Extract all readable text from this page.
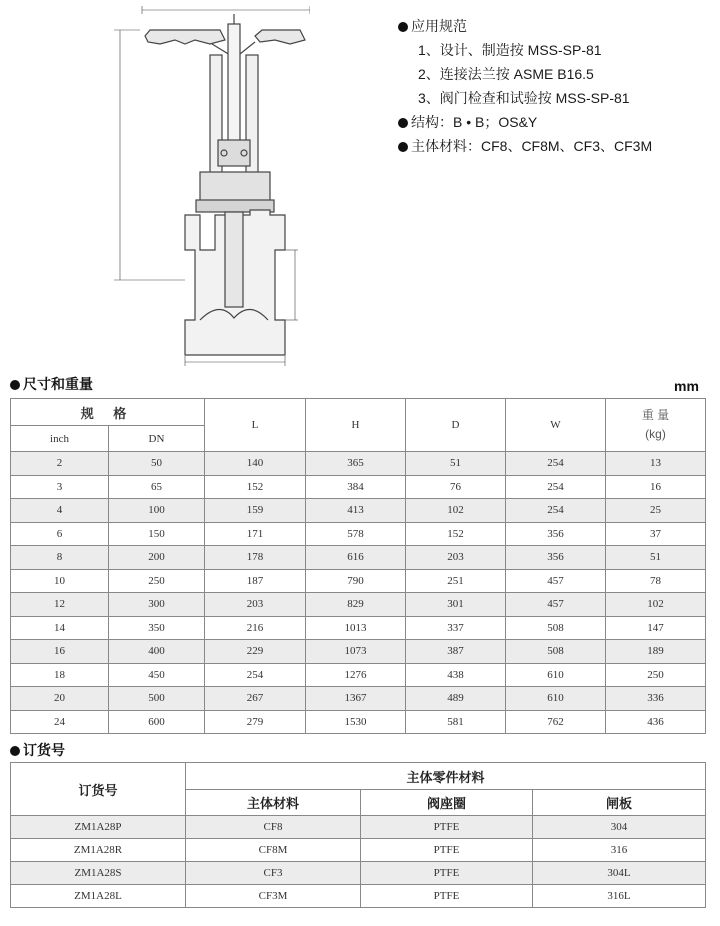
应用规范
1、设计、制造按 MSS-SP-81
2、连接法兰按 ASME B16.5
3、阀门检查和试验按 MSS-SP-81
结构：B • B；OS&Y
主体材料：CF8、CF8M、CF3、CF3M
尺寸和重量	mm
规 格		L	H	D	W	重 量
(kg)

inch	DN					
2	50	140	365	51	254	13
3	65	152	384	76	254	16
4	100	159	413	102	254	25
6	150	171	578	152	356	37
8	200	178	616	203	356	51
10	250	187	790	251	457	78
12	300	203	829	301	457	102
14	350	216	1013	337	508	147
16	400	229	1073	387	508	189
18	450	254	1276	438	610	250
20	500	267	1367	489	610	336
24	600	279	1530	581	762	436
订货号
订货号	主体零件材料		
	主体材料	阀座圈	闸板
ZM1A28P	CF8	PTFE	304
ZM1A28R	CF8M	PTFE	316
ZM1A28S	CF3	PTFE	304L
ZM1A28L	CF3M	PTFE	316L
